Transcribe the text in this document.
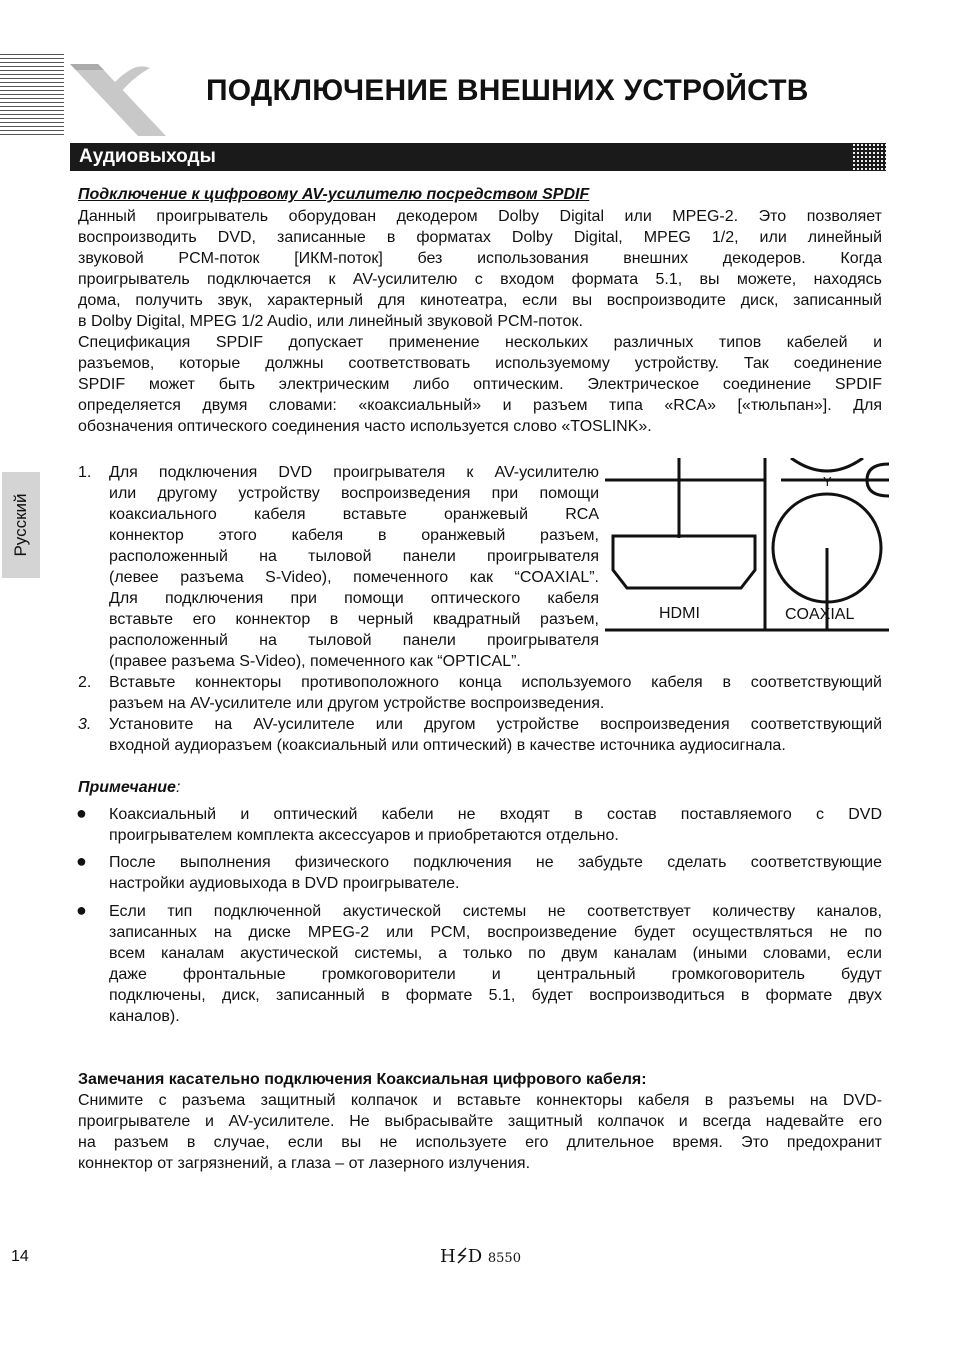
ПОДКЛЮЧЕНИЕ ВНЕШНИХ УСТРОЙСТВ
Аудиовыходы
Русский
Подключение к цифровому AV-усилителю посредством SPDIF
Данный проигрыватель оборудован декодером Dolby Digital или MPEG-2. Это позволяет
воспроизводить DVD, записанные в форматах Dolby Digital, MPEG 1/2, или линейный
звуковой PCM-поток [ИКМ-поток] без использования внешних декодеров. Когда
проигрыватель подключается к AV-усилителю с входом формата 5.1, вы можете, находясь
дома, получить звук, характерный для кинотеатра, если вы воспроизводите диск, записанный
в Dolby Digital, MPEG 1/2 Audio, или линейный звуковой PCM-поток.
Спецификация SPDIF допускает применение нескольких различных типов кабелей и
разъемов, которые должны соответствовать используемому устройству. Так соединение
SPDIF может быть электрическим либо оптическим. Электрическое соединение SPDIF
определяется двумя словами: «коаксиальный» и разъем типа «RCA» [«тюльпан»]. Для
обозначения оптического соединения часто используется слово «TOSLINK».
1.	Для подключения DVD проигрывателя к AV-усилителю
или другому устройству воспроизведения при помощи
коаксиального кабеля вставьте оранжевый RCA
коннектор этого кабеля в оранжевый разъем,
расположенный на тыловой панели проигрывателя
(левее разъема S-Video), помеченного как “COAXIAL”.
Для подключения при помощи оптического кабеля
вставьте его коннектор в черный квадратный разъем,
расположенный на тыловой панели проигрывателя
(правее разъема S-Video), помеченного как “OPTICAL”.
Y
HDMI	COAXIAL
2.	Вставьте коннекторы противоположного конца используемого кабеля в соответствующий
разъем на AV-усилителе или другом устройстве воспроизведения.
3.	Установите на AV-усилителе или другом устройстве воспроизведения соответствующий
входной аудиоразъем (коаксиальный или оптический) в качестве источника аудиосигнала.
Примечание:
● Коаксиальный и оптический кабели не входят в состав поставляемого с DVD
проигрывателем комплекта аксессуаров и приобретаются отдельно.
● После выполнения физического подключения не забудьте сделать соответствующие
настройки аудиовыхода в DVD проигрывателе.
● Если тип подключенной акустической системы не соответствует количеству каналов,
записанных на диске MPEG-2 или PCM, воспроизведение будет осуществляться не по
всем каналам акустической системы, а только по двум каналам (иными словами, если
даже фронтальные громкоговорители и центральный громкоговоритель будут
подключены, диск, записанный в формате 5.1, будет воспроизводиться в формате двух
каналов).
Замечания касательно подключения Коаксиальная цифрового кабеля:
Снимите с разъема защитный колпачок и вставьте коннекторы кабеля в разъемы на DVD-
проигрывателе и AV-усилителе. Не выбрасывайте защитный колпачок и всегда надевайте его
на разъем в случае, если вы не используете его длительное время. Это предохранит
коннектор от загрязнений, а глаза – от лазерного излучения.
14	H D 8550
